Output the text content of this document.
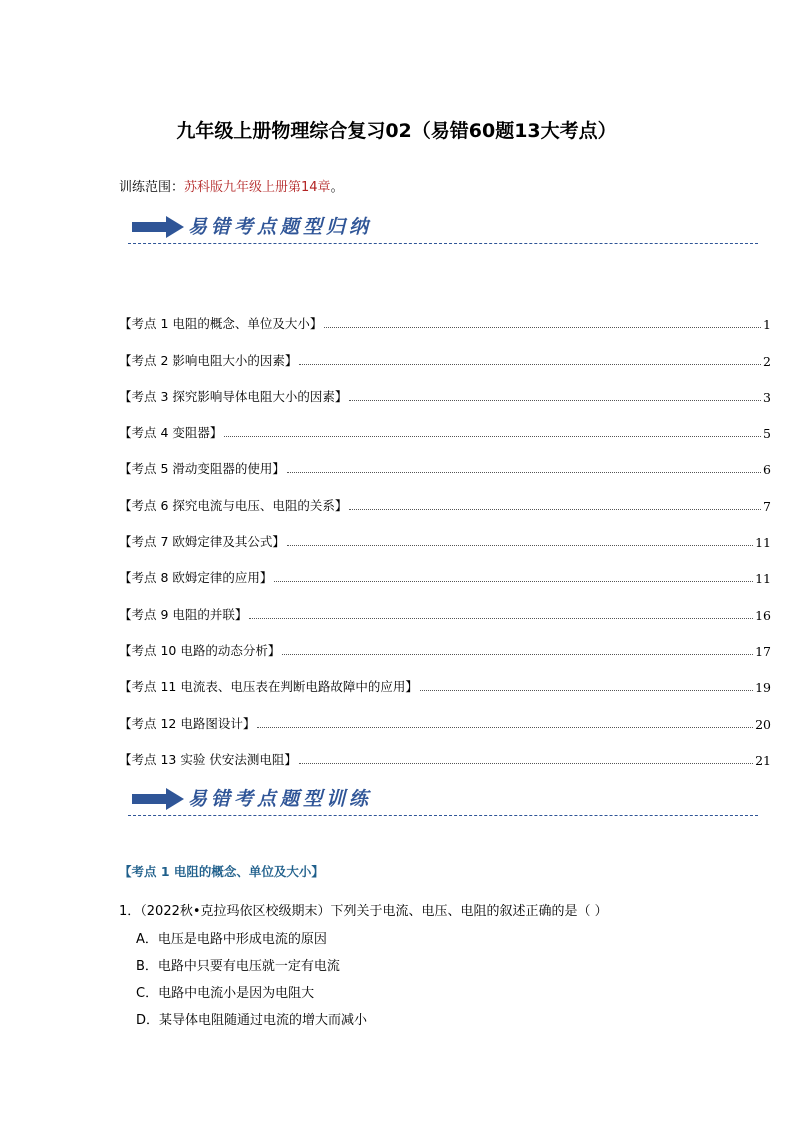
九年级上册物理综合复习02（易错60题13大考点）
训练范围：苏科版九年级上册第14章。
易错考点题型归纳
【考点 1 电阻的概念、单位及大小】	1
【考点 2 影响电阻大小的因素】	2
【考点 3 探究影响导体电阻大小的因素】	3
【考点 4 变阻器】	5
【考点 5 滑动变阻器的使用】	6
【考点 6 探究电流与电压、电阻的关系】	7
【考点 7 欧姆定律及其公式】	11
【考点 8 欧姆定律的应用】	11
【考点 9 电阻的并联】	16
【考点 10 电路的动态分析】	17
【考点 11 电流表、电压表在判断电路故障中的应用】	19
【考点 12 电路图设计】	20
【考点 13 实验 伏安法测电阻】	21
易错考点题型训练
【考点 1 电阻的概念、单位及大小】
1．（2022秋•克拉玛依区校级期末）下列关于电流、电压、电阻的叙述正确的是（ ）
A．电压是电路中形成电流的原因
B．电路中只要有电压就一定有电流
C．电路中电流小是因为电阻大
D．某导体电阻随通过电流的增大而减小
